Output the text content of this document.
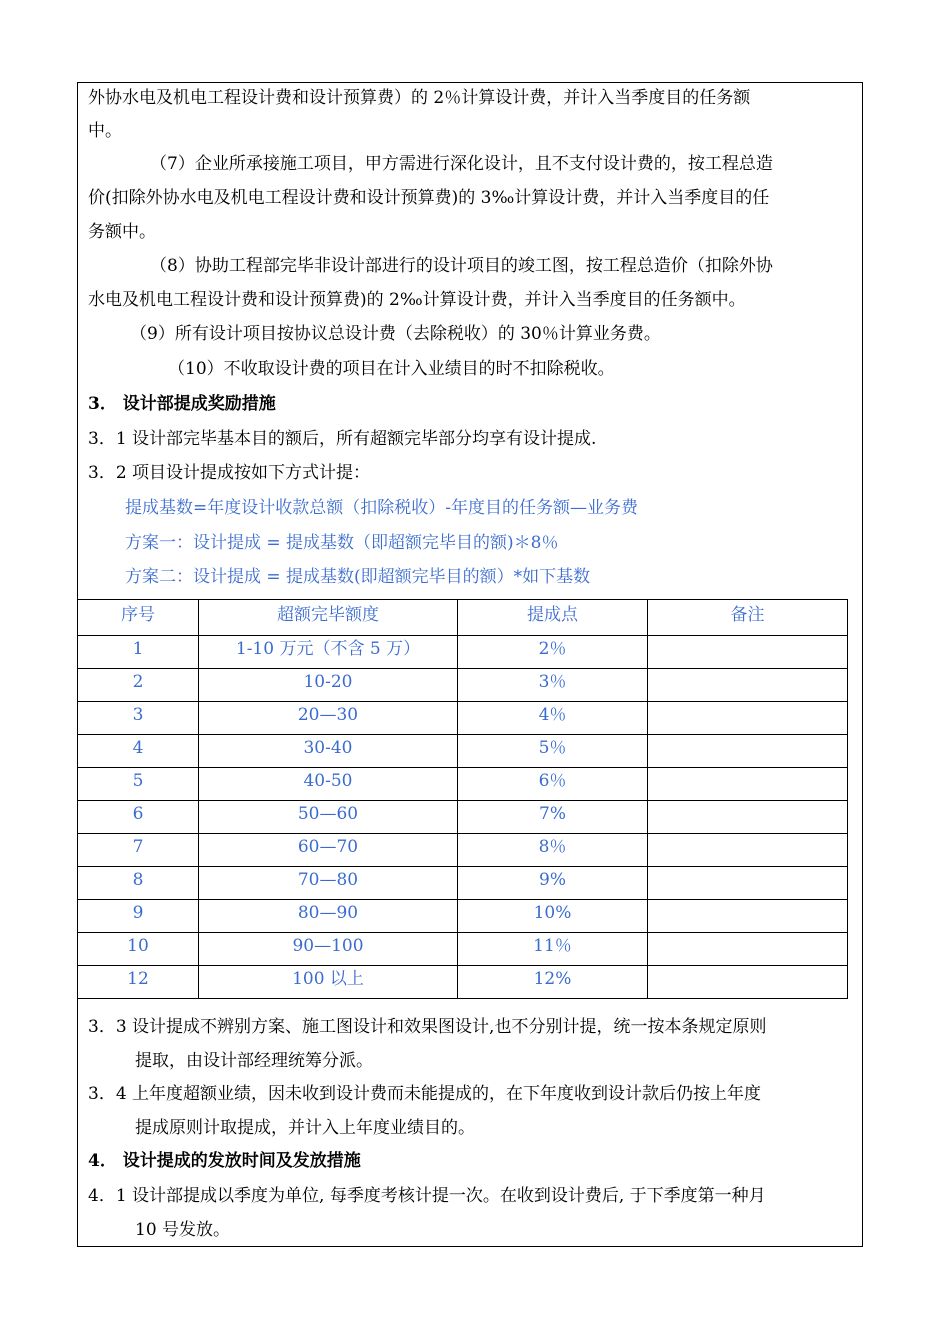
外协水电及机电工程设计费和设计预算费）的 2％计算设计费，并计入当季度目的任务额
中。
（7）企业所承接施工项目，甲方需进行深化设计，且不支付设计费的，按工程总造
价(扣除外协水电及机电工程设计费和设计预算费)的 3‰计算设计费，并计入当季度目的任
务额中。
（8）协助工程部完毕非设计部进行的设计项目的竣工图，按工程总造价（扣除外协
水电及机电工程设计费和设计预算费)的 2‰计算设计费，并计入当季度目的任务额中。
（9）所有设计项目按协议总设计费（去除税收）的 30％计算业务费。
（10）不收取设计费的项目在计入业绩目的时不扣除税收。
3． 设计部提成奖励措施
3．1 设计部完毕基本目的额后，所有超额完毕部分均享有设计提成.
3．2 项目设计提成按如下方式计提：
提成基数=年度设计收款总额（扣除税收）-年度目的任务额—业务费
方案一：设计提成 = 提成基数（即超额完毕目的额)＊8％
方案二：设计提成 = 提成基数(即超额完毕目的额）*如下基数
序号	超额完毕额度	提成点	备注
1	1-10 万元（不含 5 万）	2％	
2	10-20	3％	
3	20—30	4％	
4	30-40	5％	
5	40-50	6％	
6	50—60	7%	
7	60—70	8％	
8	70—80	9%	
9	80—90	10%	
10	90—100	11％	
12	100 以上	12%	
3．3 设计提成不辨别方案、施工图设计和效果图设计,也不分别计提，统一按本条规定原则
提取，由设计部经理统筹分派。
3．4 上年度超额业绩，因未收到设计费而未能提成的，在下年度收到设计款后仍按上年度
提成原则计取提成，并计入上年度业绩目的。
4． 设计提成的发放时间及发放措施
4．1 设计部提成以季度为单位, 每季度考核计提一次。在收到设计费后, 于下季度第一种月
10 号发放。
